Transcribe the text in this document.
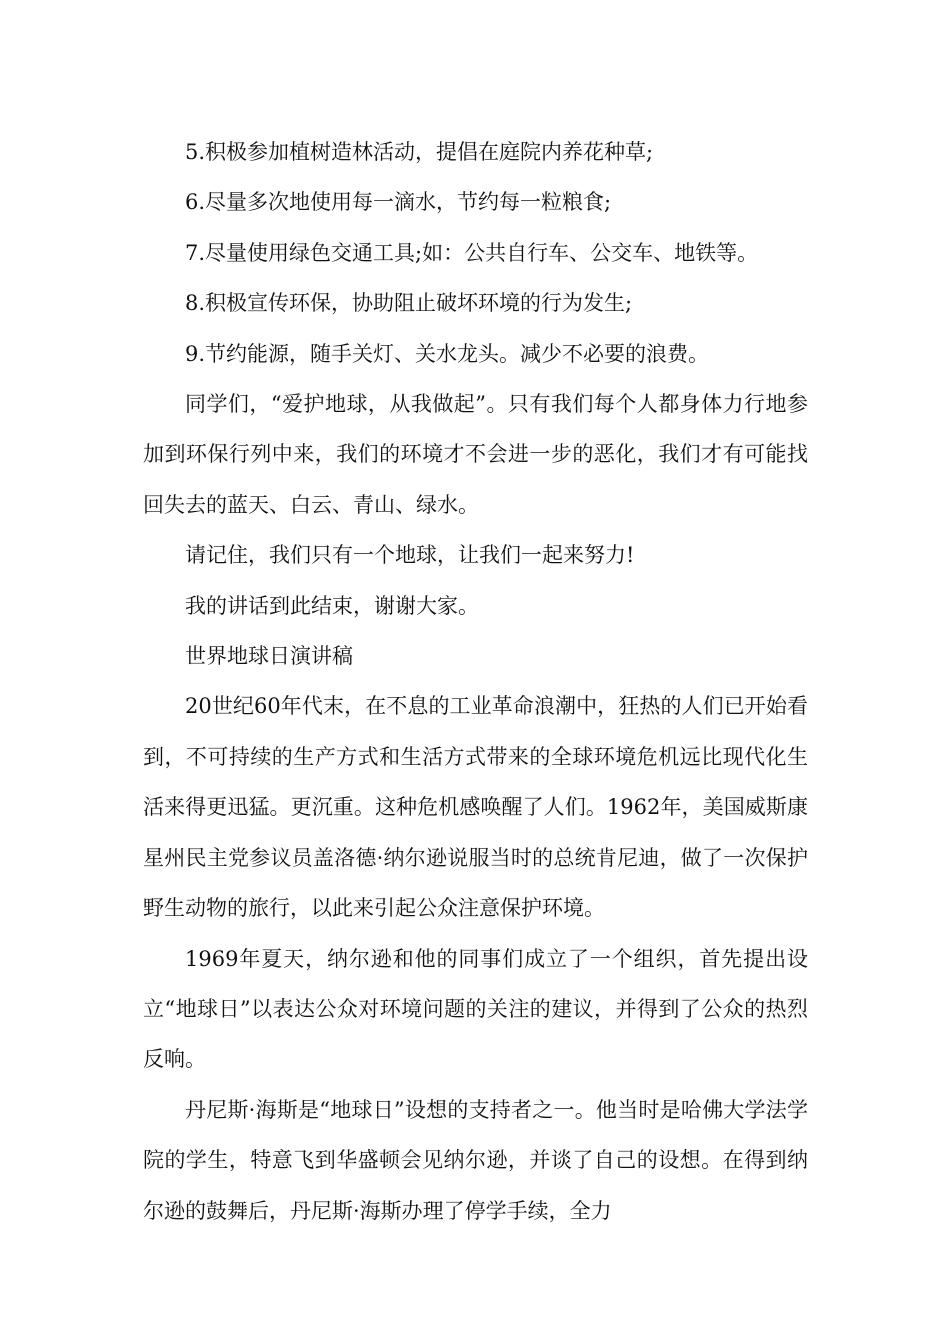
5.积极参加植树造林活动，提倡在庭院内养花种草;

6.尽量多次地使用每一滴水，节约每一粒粮食;

7.尽量使用绿色交通工具;如：公共自行车、公交车、地铁等。

8.积极宣传环保，协助阻止破坏环境的行为发生;

9.节约能源，随手关灯、关水龙头。减少不必要的浪费。

同学们，“爱护地球，从我做起”。只有我们每个人都身体力行地参加到环保行列中来，我们的环境才不会进一步的恶化，我们才有可能找回失去的蓝天、白云、青山、绿水。

请记住，我们只有一个地球，让我们一起来努力!

我的讲话到此结束，谢谢大家。

世界地球日演讲稿

20世纪60年代末，在不息的工业革命浪潮中，狂热的人们已开始看到，不可持续的生产方式和生活方式带来的全球环境危机远比现代化生活来得更迅猛。更沉重。这种危机感唤醒了人们。1962年，美国威斯康星州民主党参议员盖洛德·纳尔逊说服当时的总统肯尼迪，做了一次保护野生动物的旅行，以此来引起公众注意保护环境。

1969年夏天，纳尔逊和他的同事们成立了一个组织，首先提出设立“地球日”以表达公众对环境问题的关注的建议，并得到了公众的热烈反响。

丹尼斯·海斯是“地球日”设想的支持者之一。他当时是哈佛大学法学院的学生，特意飞到华盛顿会见纳尔逊，并谈了自己的设想。在得到纳尔逊的鼓舞后，丹尼斯·海斯办理了停学手续，全力
